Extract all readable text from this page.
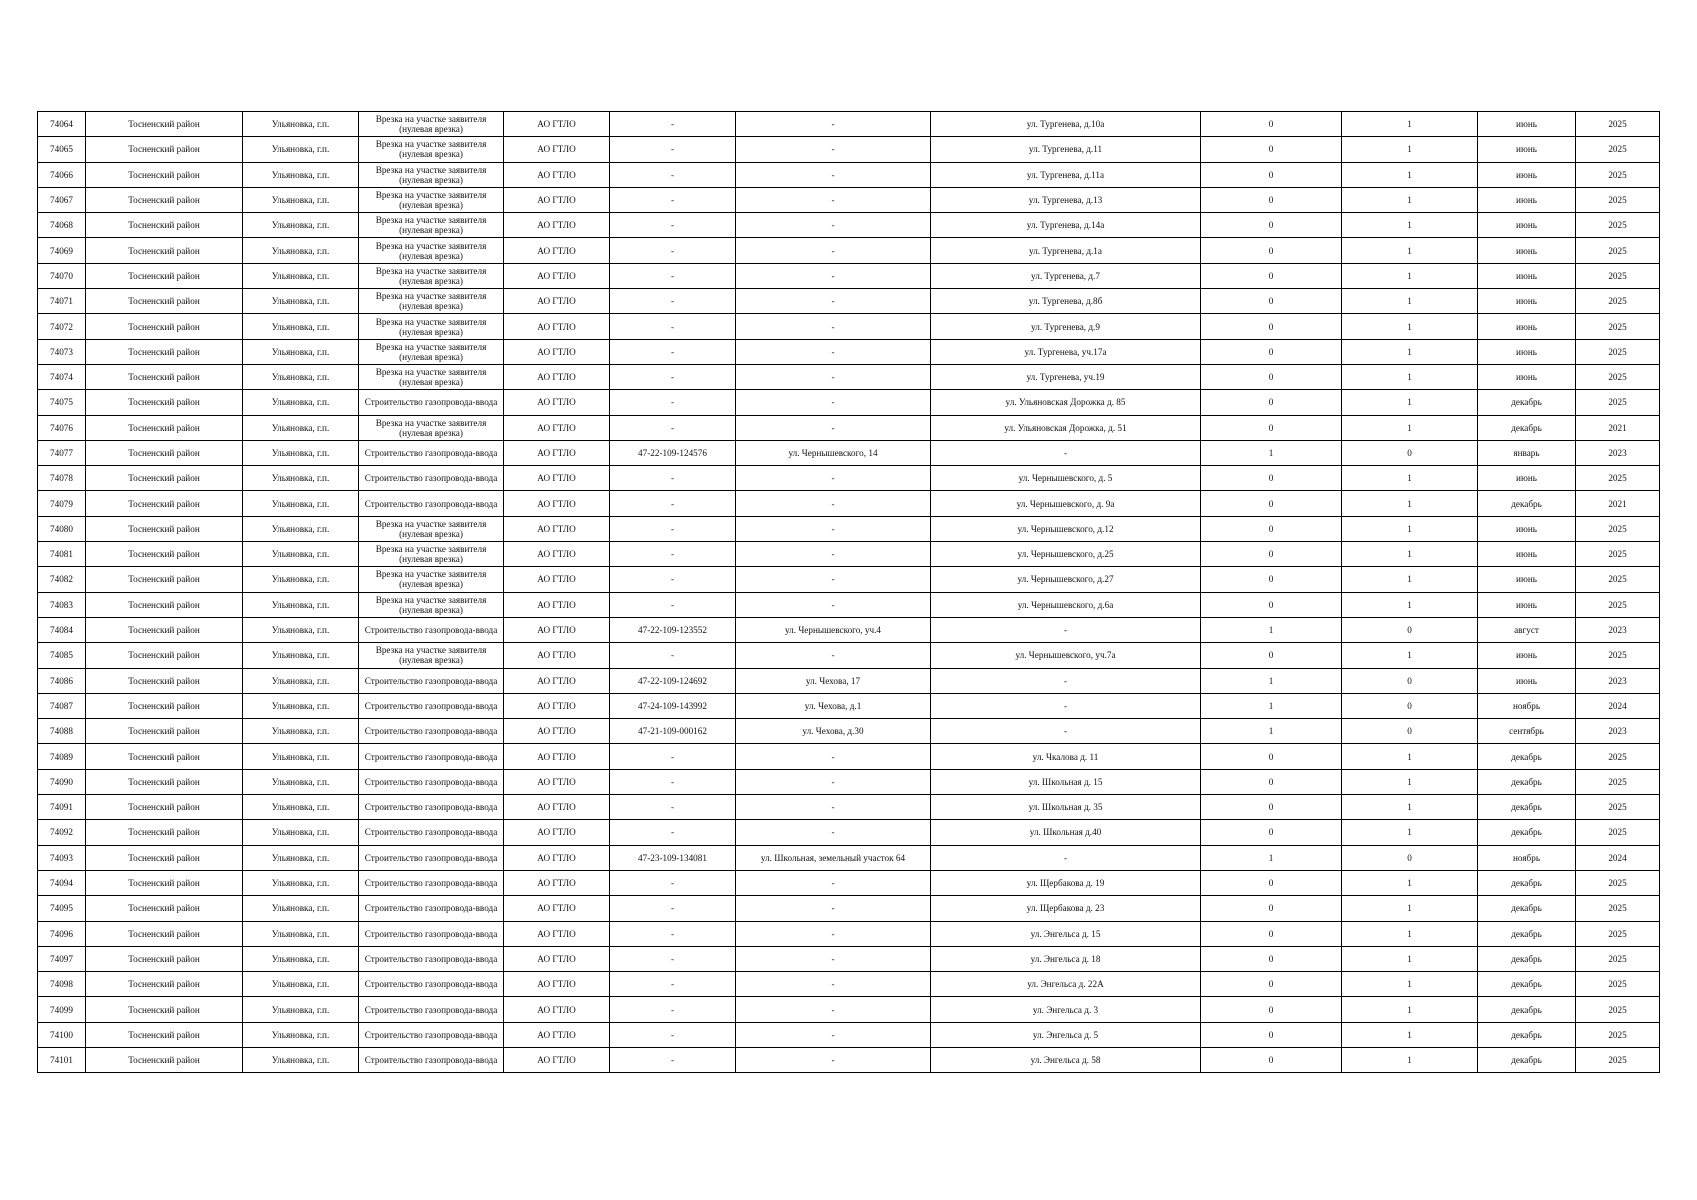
74064	Тосненский район	Ульяновка, г.п.	Врезка на участке заявителя (нулевая врезка)	АО ГТЛО	-	-	ул. Тургенева, д.10а	0	1	июнь	2025
74065	Тосненский район	Ульяновка, г.п.	Врезка на участке заявителя (нулевая врезка)	АО ГТЛО	-	-	ул. Тургенева, д.11	0	1	июнь	2025
74066	Тосненский район	Ульяновка, г.п.	Врезка на участке заявителя (нулевая врезка)	АО ГТЛО	-	-	ул. Тургенева, д.11а	0	1	июнь	2025
74067	Тосненский район	Ульяновка, г.п.	Врезка на участке заявителя (нулевая врезка)	АО ГТЛО	-	-	ул. Тургенева, д.13	0	1	июнь	2025
74068	Тосненский район	Ульяновка, г.п.	Врезка на участке заявителя (нулевая врезка)	АО ГТЛО	-	-	ул. Тургенева, д.14а	0	1	июнь	2025
74069	Тосненский район	Ульяновка, г.п.	Врезка на участке заявителя (нулевая врезка)	АО ГТЛО	-	-	ул. Тургенева, д.1а	0	1	июнь	2025
74070	Тосненский район	Ульяновка, г.п.	Врезка на участке заявителя (нулевая врезка)	АО ГТЛО	-	-	ул. Тургенева, д.7	0	1	июнь	2025
74071	Тосненский район	Ульяновка, г.п.	Врезка на участке заявителя (нулевая врезка)	АО ГТЛО	-	-	ул. Тургенева, д.8б	0	1	июнь	2025
74072	Тосненский район	Ульяновка, г.п.	Врезка на участке заявителя (нулевая врезка)	АО ГТЛО	-	-	ул. Тургенева, д.9	0	1	июнь	2025
74073	Тосненский район	Ульяновка, г.п.	Врезка на участке заявителя (нулевая врезка)	АО ГТЛО	-	-	ул. Тургенева, уч.17а	0	1	июнь	2025
74074	Тосненский район	Ульяновка, г.п.	Врезка на участке заявителя (нулевая врезка)	АО ГТЛО	-	-	ул. Тургенева, уч.19	0	1	июнь	2025
74075	Тосненский район	Ульяновка, г.п.	Строительство газопровода-ввода	АО ГТЛО	-	-	ул. Ульяновская Дорожка д. 85	0	1	декабрь	2025
74076	Тосненский район	Ульяновка, г.п.	Врезка на участке заявителя (нулевая врезка)	АО ГТЛО	-	-	ул. Ульяновская Дорожка, д. 51	0	1	декабрь	2021
74077	Тосненский район	Ульяновка, г.п.	Строительство газопровода-ввода	АО ГТЛО	47-22-109-124576	ул. Чернышевского, 14	-	1	0	январь	2023
74078	Тосненский район	Ульяновка, г.п.	Строительство газопровода-ввода	АО ГТЛО	-	-	ул. Чернышевского, д. 5	0	1	июнь	2025
74079	Тосненский район	Ульяновка, г.п.	Строительство газопровода-ввода	АО ГТЛО	-	-	ул. Чернышевского, д. 9а	0	1	декабрь	2021
74080	Тосненский район	Ульяновка, г.п.	Врезка на участке заявителя (нулевая врезка)	АО ГТЛО	-	-	ул. Чернышевского, д.12	0	1	июнь	2025
74081	Тосненский район	Ульяновка, г.п.	Врезка на участке заявителя (нулевая врезка)	АО ГТЛО	-	-	ул. Чернышевского, д.25	0	1	июнь	2025
74082	Тосненский район	Ульяновка, г.п.	Врезка на участке заявителя (нулевая врезка)	АО ГТЛО	-	-	ул. Чернышевского, д.27	0	1	июнь	2025
74083	Тосненский район	Ульяновка, г.п.	Врезка на участке заявителя (нулевая врезка)	АО ГТЛО	-	-	ул. Чернышевского, д.6а	0	1	июнь	2025
74084	Тосненский район	Ульяновка, г.п.	Строительство газопровода-ввода	АО ГТЛО	47-22-109-123552	ул. Чернышевского, уч.4	-	1	0	август	2023
74085	Тосненский район	Ульяновка, г.п.	Врезка на участке заявителя (нулевая врезка)	АО ГТЛО	-	-	ул. Чернышевского, уч.7а	0	1	июнь	2025
74086	Тосненский район	Ульяновка, г.п.	Строительство газопровода-ввода	АО ГТЛО	47-22-109-124692	ул. Чехова, 17	-	1	0	июнь	2023
74087	Тосненский район	Ульяновка, г.п.	Строительство газопровода-ввода	АО ГТЛО	47-24-109-143992	ул. Чехова, д.1	-	1	0	ноябрь	2024
74088	Тосненский район	Ульяновка, г.п.	Строительство газопровода-ввода	АО ГТЛО	47-21-109-000162	ул. Чехова, д.30	-	1	0	сентябрь	2023
74089	Тосненский район	Ульяновка, г.п.	Строительство газопровода-ввода	АО ГТЛО	-	-	ул. Чкалова д. 11	0	1	декабрь	2025
74090	Тосненский район	Ульяновка, г.п.	Строительство газопровода-ввода	АО ГТЛО	-	-	ул. Школьная д. 15	0	1	декабрь	2025
74091	Тосненский район	Ульяновка, г.п.	Строительство газопровода-ввода	АО ГТЛО	-	-	ул. Школьная д. 35	0	1	декабрь	2025
74092	Тосненский район	Ульяновка, г.п.	Строительство газопровода-ввода	АО ГТЛО	-	-	ул. Школьная д.40	0	1	декабрь	2025
74093	Тосненский район	Ульяновка, г.п.	Строительство газопровода-ввода	АО ГТЛО	47-23-109-134081	ул. Школьная, земельный участок 64	-	1	0	ноябрь	2024
74094	Тосненский район	Ульяновка, г.п.	Строительство газопровода-ввода	АО ГТЛО	-	-	ул. Щербакова д. 19	0	1	декабрь	2025
74095	Тосненский район	Ульяновка, г.п.	Строительство газопровода-ввода	АО ГТЛО	-	-	ул. Щербакова д. 23	0	1	декабрь	2025
74096	Тосненский район	Ульяновка, г.п.	Строительство газопровода-ввода	АО ГТЛО	-	-	ул. Энгельса д. 15	0	1	декабрь	2025
74097	Тосненский район	Ульяновка, г.п.	Строительство газопровода-ввода	АО ГТЛО	-	-	ул. Энгельса д. 18	0	1	декабрь	2025
74098	Тосненский район	Ульяновка, г.п.	Строительство газопровода-ввода	АО ГТЛО	-	-	ул. Энгельса д. 22А	0	1	декабрь	2025
74099	Тосненский район	Ульяновка, г.п.	Строительство газопровода-ввода	АО ГТЛО	-	-	ул. Энгельса д. 3	0	1	декабрь	2025
74100	Тосненский район	Ульяновка, г.п.	Строительство газопровода-ввода	АО ГТЛО	-	-	ул. Энгельса д. 5	0	1	декабрь	2025
74101	Тосненский район	Ульяновка, г.п.	Строительство газопровода-ввода	АО ГТЛО	-	-	ул. Энгельса д. 58	0	1	декабрь	2025
